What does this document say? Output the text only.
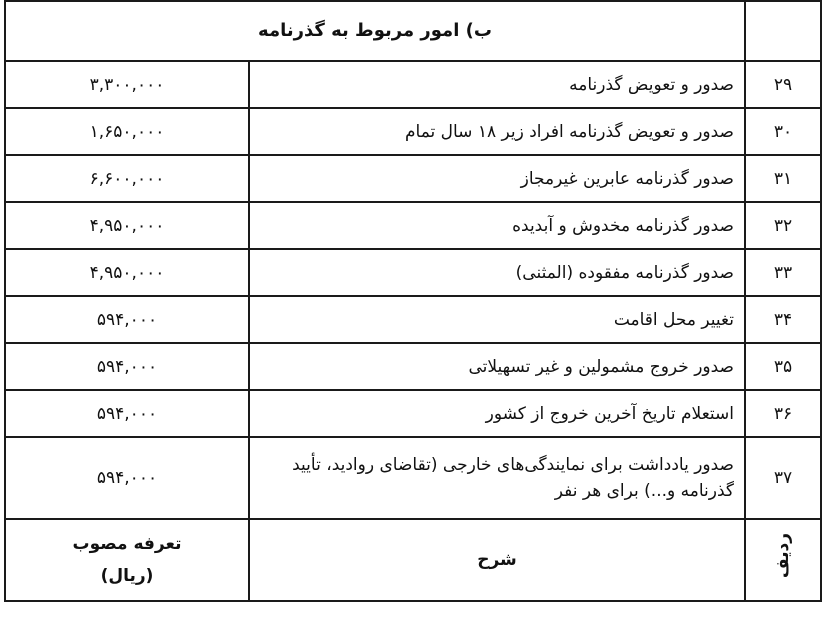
	ب) امور مربوط به گذرنامه	
۲۹	صدور و تعویض گذرنامه	۳,۳۰۰,۰۰۰
۳۰	صدور و تعویض گذرنامه افراد زیر ۱۸ سال تمام	۱,۶۵۰,۰۰۰
۳۱	صدور گذرنامه عابرین غیرمجاز	۶,۶۰۰,۰۰۰
۳۲	صدور گذرنامه مخدوش و آبدیده	۴,۹۵۰,۰۰۰
۳۳	صدور گذرنامه مفقوده (المثنی)	۴,۹۵۰,۰۰۰
۳۴	تغییر محل اقامت	۵۹۴,۰۰۰
۳۵	صدور خروج مشمولین و غیر تسهیلاتی	۵۹۴,۰۰۰
۳۶	استعلام تاریخ آخرین خروج از کشور	۵۹۴,۰۰۰
۳۷	صدور یادداشت برای نمایندگی‌های خارجی (تقاضای روادید، تأیید گذرنامه و...) برای هر نفر	۵۹۴,۰۰۰
ردیف	شرح	تعرفه مصوب
(ریال)
